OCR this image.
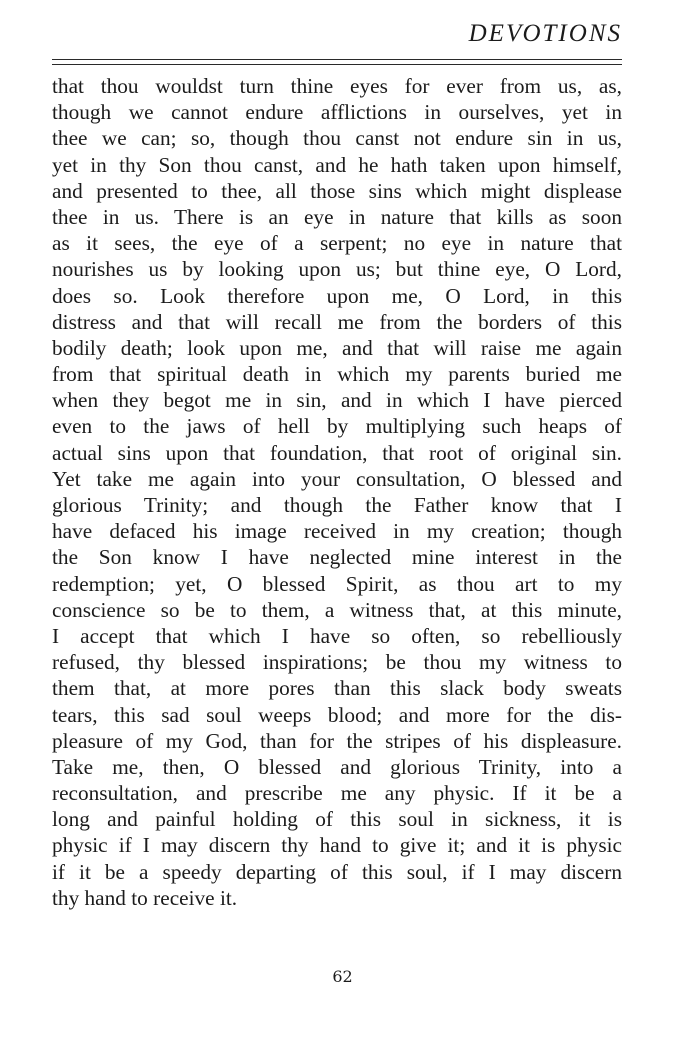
DEVOTIONS
that thou wouldst turn thine eyes for ever from us, as,
though we cannot endure afflictions in ourselves, yet in
thee we can; so, though thou canst not endure sin in us,
yet in thy Son thou canst, and he hath taken upon himself,
and presented to thee, all those sins which might displease
thee in us. There is an eye in nature that kills as soon
as it sees, the eye of a serpent; no eye in nature that
nourishes us by looking upon us; but thine eye, O Lord,
does so. Look therefore upon me, O Lord, in this
distress and that will recall me from the borders of this
bodily death; look upon me, and that will raise me again
from that spiritual death in which my parents buried me
when they begot me in sin, and in which I have pierced
even to the jaws of hell by multiplying such heaps of
actual sins upon that foundation, that root of original sin.
Yet take me again into your consultation, O blessed and
glorious Trinity; and though the Father know that I
have defaced his image received in my creation; though
the Son know I have neglected mine interest in the
redemption; yet, O blessed Spirit, as thou art to my
conscience so be to them, a witness that, at this minute,
I accept that which I have so often, so rebelliously
refused, thy blessed inspirations; be thou my witness to
them that, at more pores than this slack body sweats
tears, this sad soul weeps blood; and more for the dis-
pleasure of my God, than for the stripes of his displeasure.
Take me, then, O blessed and glorious Trinity, into a
reconsultation, and prescribe me any physic. If it be a
long and painful holding of this soul in sickness, it is
physic if I may discern thy hand to give it; and it is physic
if it be a speedy departing of this soul, if I may discern
thy hand to receive it.
62
